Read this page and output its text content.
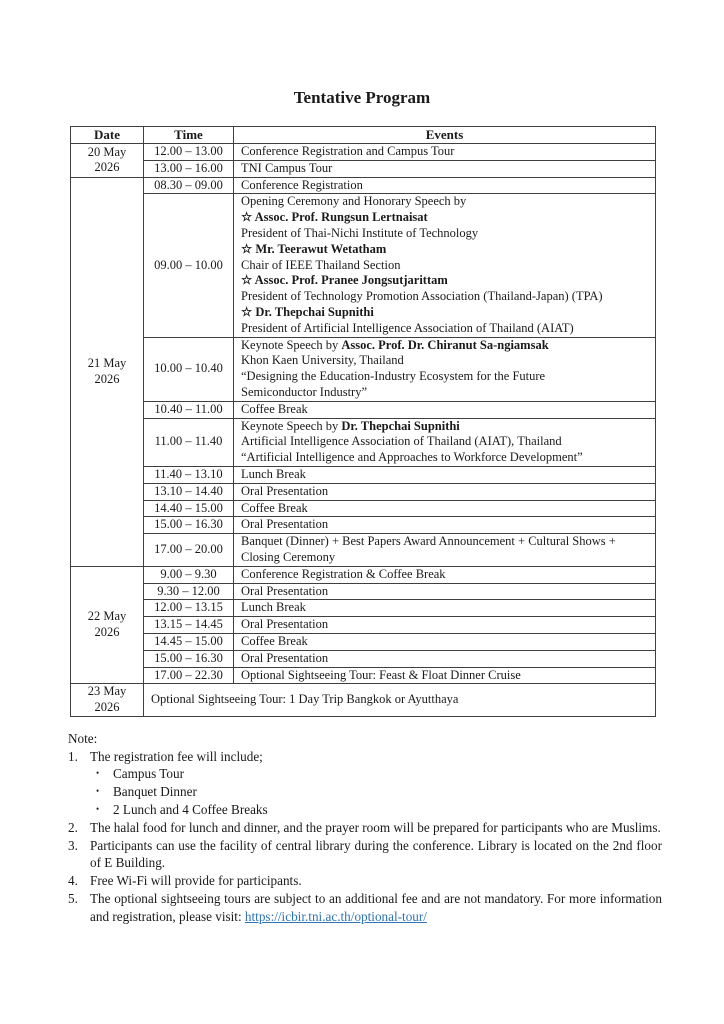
Tentative Program
Date	Time	Events
20 May
2026	12.00 – 13.00	Conference Registration and Campus Tour

	13.00 – 16.00	TNI Campus Tour

21 May
2026	08.30 – 09.00	Conference Registration

09.00 – 10.00	
Opening Ceremony and Honorary Speech by
☆ Assoc. Prof. Rungsun Lertnaisat
President of Thai-Nichi Institute of Technology
☆ Mr. Teerawut Wetatham
Chair of IEEE Thailand Section
☆ Assoc. Prof. Pranee Jongsutjarittam
President of Technology Promotion Association (Thailand-Japan) (TPA)
☆ Dr. Thepchai Supnithi
President of Artificial Intelligence Association of Thailand (AIAT)

	10.00 – 10.40	Keynote Speech by Assoc. Prof. Dr. Chiranut Sa-ngiamsak
Khon Kaen University, Thailand
“Designing the Education-Industry Ecosystem for the Future
Semiconductor Industry”

	10.40 – 11.00	Coffee Break

	11.00 – 11.40	Keynote Speech by Dr. Thepchai Supnithi
Artificial Intelligence Association of Thailand (AIAT), Thailand
“Artificial Intelligence and Approaches to Workforce Development”

	11.40 – 13.10	Lunch Break

	13.10 – 14.40	Oral Presentation

	14.40 – 15.00	Coffee Break

	15.00 – 16.30	Oral Presentation

	17.00 – 20.00	Banquet (Dinner) + Best Papers Award Announcement + Cultural Shows +
Closing Ceremony

22 May
2026	9.00 – 9.30	Conference Registration & Coffee Break

	9.30 – 12.00	Oral Presentation

	12.00 – 13.15	Lunch Break

	13.15 – 14.45	Oral Presentation

	14.45 – 15.00	Coffee Break

	15.00 – 16.30	Oral Presentation

	17.00 – 22.30	Optional Sightseeing Tour: Feast & Float Dinner Cruise

23 May
2026	Optional Sightseeing Tour: 1 Day Trip Bangkok or Ayutthaya	
Note:
1. The registration fee will include;
•	Campus Tour
•	Banquet Dinner
•	2 Lunch and 4 Coffee Breaks
2. The halal food for lunch and dinner, and the prayer room will be prepared for participants who are Muslims.
3. Participants can use the facility of central library during the conference. Library is located on the 2nd floor of E Building.
4. Free Wi-Fi will provide for participants.
5. The optional sightseeing tours are subject to an additional fee and are not mandatory. For more information and registration, please visit: https://icbir.tni.ac.th/optional-tour/
